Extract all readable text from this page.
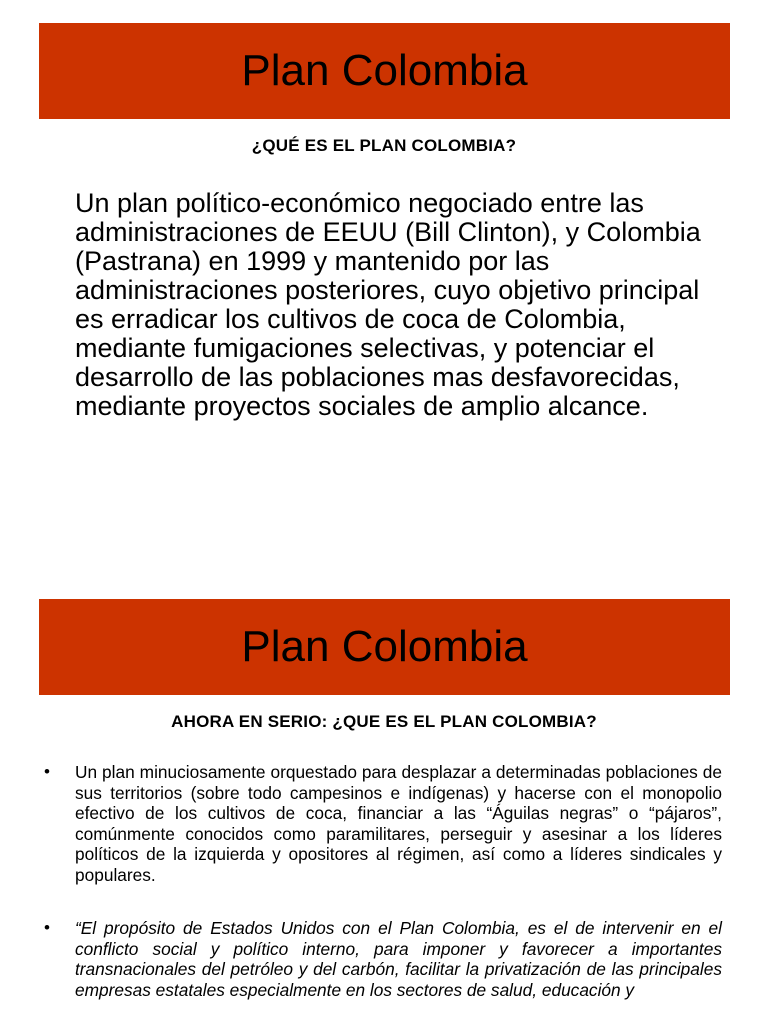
Plan Colombia
¿QUÉ ES EL PLAN COLOMBIA?
Un plan político-económico negociado entre las administraciones de EEUU (Bill Clinton), y Colombia (Pastrana) en 1999 y mantenido por las administraciones posteriores, cuyo objetivo principal es erradicar los cultivos de coca de Colombia, mediante fumigaciones selectivas, y potenciar el desarrollo de las poblaciones mas desfavorecidas, mediante proyectos sociales de amplio alcance.
Plan Colombia
AHORA EN SERIO: ¿QUE ES EL PLAN COLOMBIA?
• Un plan minuciosamente orquestado para desplazar a determinadas poblaciones de sus territorios (sobre todo campesinos e indígenas) y hacerse con el monopolio efectivo de los cultivos de coca, financiar a las “Águilas negras” o “pájaros”, comúnmente conocidos como paramilitares, perseguir y asesinar a los líderes políticos de la izquierda y opositores al régimen, así como a líderes sindicales y populares.
• “El propósito de Estados Unidos con el Plan Colombia, es el de intervenir en el conflicto social y político interno, para imponer y favorecer a importantes transnacionales del petróleo y del carbón, facilitar la privatización de las principales empresas estatales especialmente en los sectores de salud, educación y
